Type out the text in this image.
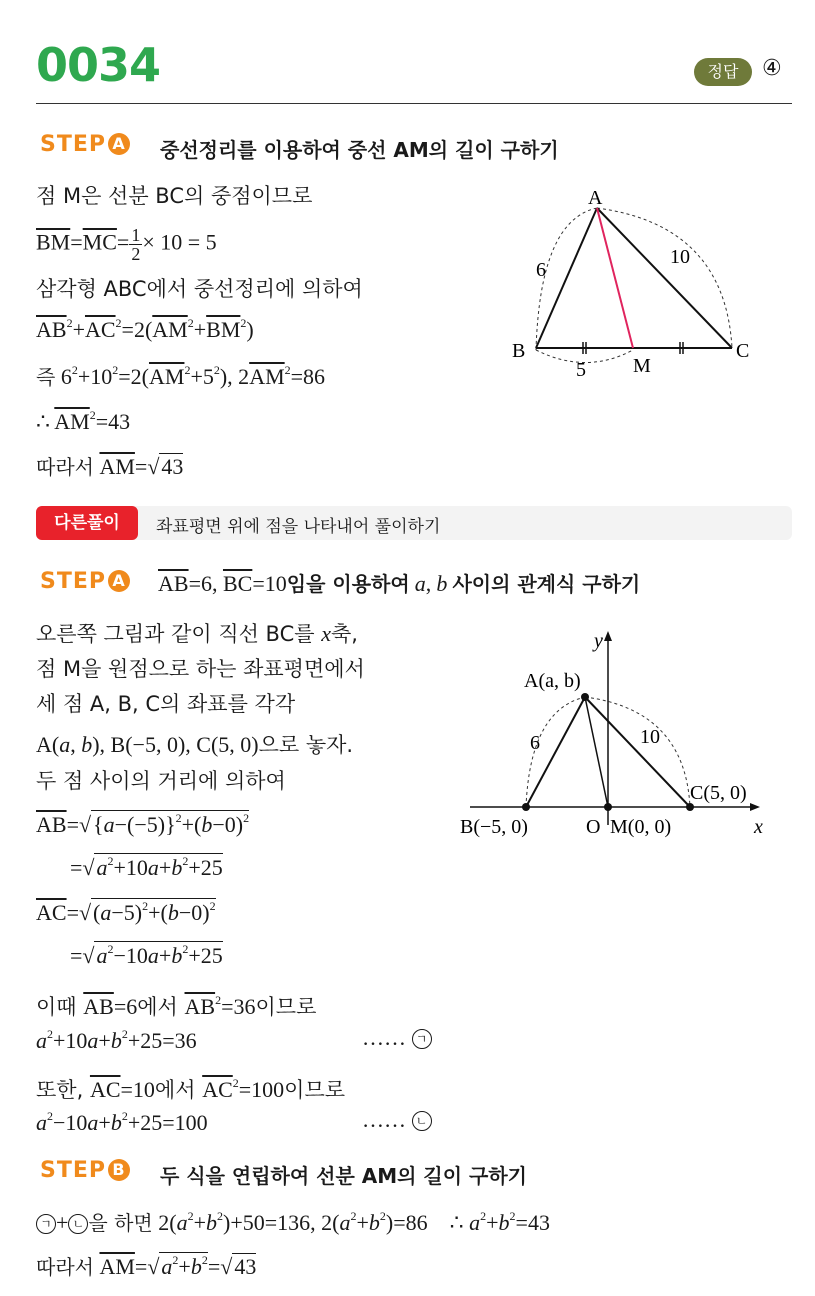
0034	정답	④
STEP A 중선정리를 이용하여 중선 AM의 길이 구하기
점 M은 선분 BC의 중점이므로
$\overline{BM}=\overline{MC}= \frac{1}{2} \times 10 = 5$
삼각형 ABC에서 중선정리에 의하여
$\overline{AB}^2+\overline{AC}^2=2(\overline{AM}^2+\overline{BM}^2)$
즉 $6^2+10^2=2(\overline{AM}^2+5^2)$, $2\overline{AM}^2=86$
∴ $\overline{AM}^2=43$
따라서 $\overline{AM}=√43$
A
B	C
M
6
10
5
다른풀이	좌표평면 위에 점을 나타내어 풀이하기
STEP A $\overline{AB}=6$, $\overline{BC}=10$임을 이용하여 a, b 사이의 관계식 구하기
오른쪽 그림과 같이 직선 BC를 x축,
점 M을 원점으로 하는 좌표평면에서
세 점 A, B, C의 좌표를 각각
A(a, b), B(−5, 0), C(5, 0)으로 놓자.
두 점 사이의 거리에 의하여
$\overline{AB}=√\{a-(-5)\}^2+(b-0)^2$
$=√a^2+10a+b^2+25$
$\overline{AC}=√(a-5)^2+(b-0)^2$
$=√a^2-10a+b^2+25$
이때 $\overline{AB}=6$에서 $\overline{AB}^2=36$이므로
$a^2+10a+b^2+25=36$	…… ㄱ
또한, $\overline{AC}=10$에서 $\overline{AC}^2=100$이므로
$a^2-10a+b^2+25=100$	…… ㄴ
y
x
A(a, b)
B(−5, 0)
C(5, 0)
O M(0, 0)
6	10
STEP B 두 식을 연립하여 선분 AM의 길이 구하기
ㄱ + ㄴ 을 하면 $2(a^2+b^2)+50=136$, $2(a^2+b^2)=86$    ∴ $a^2+b^2=43$
따라서 $\overline{AM}=√a^2+b^2=√43$
